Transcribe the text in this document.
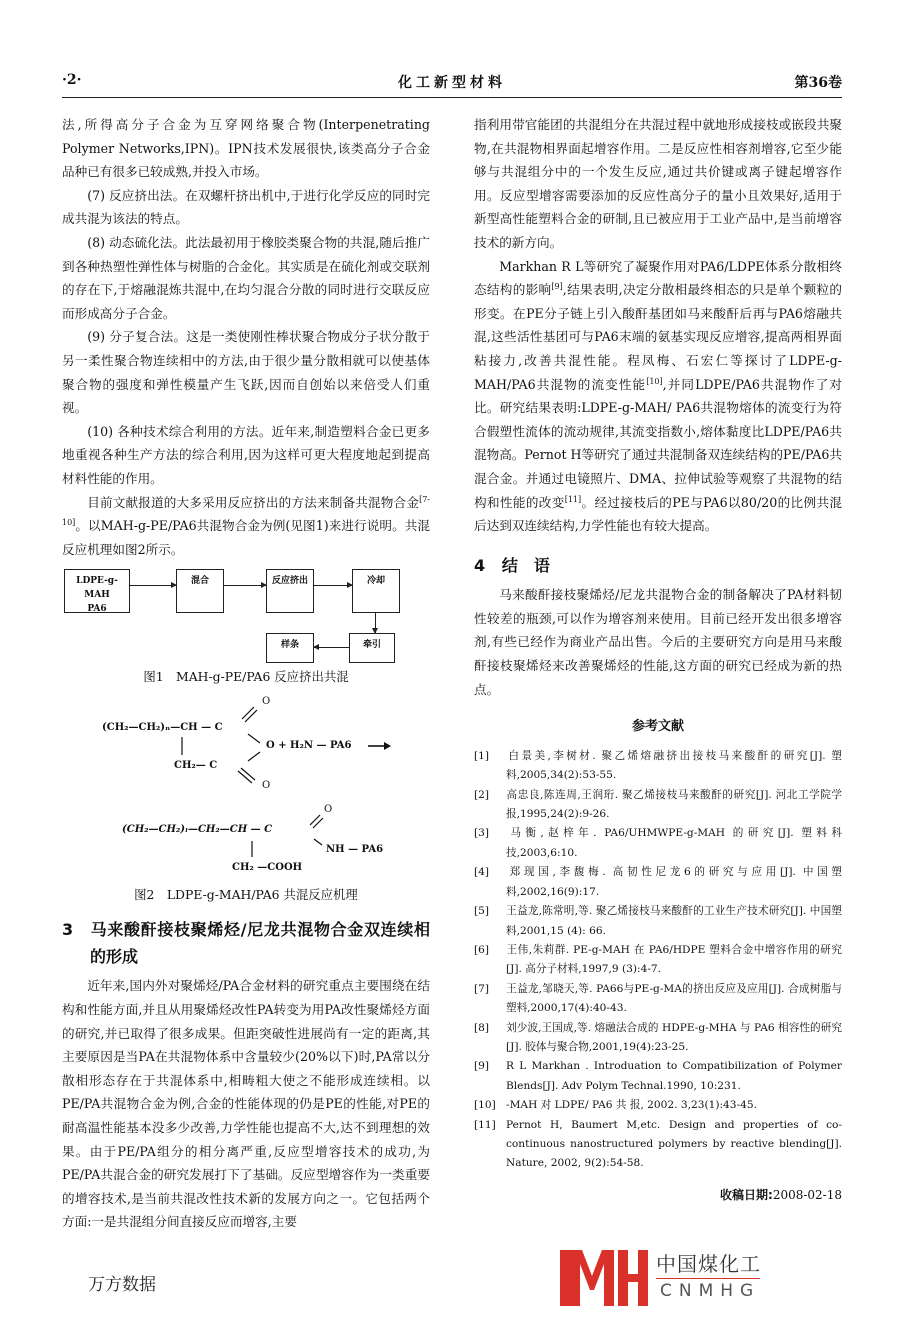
·2·	化工新型材料	第36卷

法,所得高分子合金为互穿网络聚合物(Interpenetrating Polymer Networks,IPN)。IPN技术发展很快,该类高分子合金品种已有很多已较成熟,并投入市场。

(7) 反应挤出法。在双螺杆挤出机中,于进行化学反应的同时完成共混为该法的特点。

(8) 动态硫化法。此法最初用于橡胶类聚合物的共混,随后推广到各种热塑性弹性体与树脂的合金化。其实质是在硫化剂或交联剂的存在下,于熔融混炼共混中,在均匀混合分散的同时进行交联反应而形成高分子合金。

(9) 分子复合法。这是一类使刚性棒状聚合物成分子状分散于另一柔性聚合物连续相中的方法,由于很少量分散相就可以使基体聚合物的强度和弹性模量产生飞跃,因而自创始以来倍受人们重视。

(10) 各种技术综合利用的方法。近年来,制造塑料合金已更多地重视各种生产方法的综合利用,因为这样可更大程度地起到提高材料性能的作用。

目前文献报道的大多采用反应挤出的方法来制备共混物合金[7-10]。以MAH-g-PE/PA6共混物合金为例(见图1)来进行说明。共混反应机理如图2所示。

LDPE-g-MAH
PA6
混合	反应挤出	冷却
牵引
样条
图1　MAH-g-PE/PA6 反应挤出共混
O
(CH₂—CH₂)ₙ—CH — C
O + H₂N — PA6
CH₂— C
O
O
(CH₂—CH₂)ₗ—CH₂—CH — C
NH — PA6
CH₂ —COOH
图2　LDPE-g-MAH/PA6 共混反应机理
3 马来酸酐接枝聚烯烃/尼龙共混物合金双连续相的形成

近年来,国内外对聚烯烃/PA合金材料的研究重点主要围绕在结构和性能方面,并且从用聚烯烃改性PA转变为用PA改性聚烯烃方面的研究,并已取得了很多成果。但距突破性进展尚有一定的距离,其主要原因是当PA在共混物体系中含量较少(20%以下)时,PA常以分散相形态存在于共混体系中,相畴粗大使之不能形成连续相。以PE/PA共混物合金为例,合金的性能体现的仍是PE的性能,对PE的耐高温性能基本没多少改善,力学性能也提高不大,达不到理想的效果。由于PE/PA组分的相分离严重,反应型增容技术的成功,为PE/PA共混合金的研究发展打下了基础。反应型增容作为一类重要的增容技术,是当前共混改性技术新的发展方向之一。它包括两个方面:一是共混组分间直接反应而增容,主要

指利用带官能团的共混组分在共混过程中就地形成接枝或嵌段共聚物,在共混物相界面起增容作用。二是反应性相容剂增容,它至少能够与共混组分中的一个发生反应,通过共价键或离子键起增容作用。反应型增容需要添加的反应性高分子的量小且效果好,适用于新型高性能塑料合金的研制,且已被应用于工业产品中,是当前增容技术的新方向。

Markhan R L等研究了凝聚作用对PA6/LDPE体系分散相终态结构的影响[9],结果表明,决定分散相最终相态的只是单个颗粒的形变。在PE分子链上引入酸酐基团如马来酸酐后再与PA6熔融共混,这些活性基团可与PA6末端的氨基实现反应增容,提高两相界面粘接力,改善共混性能。程凤梅、石宏仁等探讨了LDPE-g-MAH/PA6共混物的流变性能[10],并同LDPE/PA6共混物作了对比。研究结果表明:LDPE-g-MAH/ PA6共混物熔体的流变行为符合假塑性流体的流动规律,其流变指数小,熔体黏度比LDPE/PA6共混物高。Pernot H等研究了通过共混制备双连续结构的PE/PA6共混合金。并通过电镜照片、DMA、拉伸试验等观察了共混物的结构和性能的改变[11]。经过接枝后的PE与PA6以80/20的比例共混后达到双连续结构,力学性能也有较大提高。

4 结　语

马来酸酐接枝聚烯烃/尼龙共混物合金的制备解决了PA材料韧性较差的瓶颈,可以作为增容剂来使用。目前已经开发出很多增容剂,有些已经作为商业产品出售。今后的主要研究方向是用马来酸酐接枝聚烯烃来改善聚烯烃的性能,这方面的研究已经成为新的热点。

参考文献

[1] 白景美,李树材. 聚乙烯熔融挤出接枝马来酸酐的研究[J]. 塑料,2005,34(2):53-55.

[2] 高忠良,陈连周,王润珩. 聚乙烯接枝马来酸酐的研究[J]. 河北工学院学报,1995,24(2):9-26.

[3] 马衡,赵梓年. PA6/UHMWPE-g-MAH 的研究[J]. 塑料科技,2003,6:10.

[4] 郑现国,李馥梅. 高韧性尼龙6的研究与应用[J]. 中国塑料,2002,16(9):17.

[5] 王益龙,陈常明,等. 聚乙烯接枝马来酸酐的工业生产技术研究[J]. 中国塑料,2001,15 (4): 66.

[6] 王伟,朱莉群. PE-g-MAH 在 PA6/HDPE 塑料合金中增容作用的研究[J]. 高分子材料,1997,9 (3):4-7.

[7] 王益龙,邹晓天,等. PA66与PE-g-MA的挤出反应及应用[J]. 合成树脂与塑料,2000,17(4):40-43.

[8] 刘少波,王国成,等. 熔融法合成的 HDPE-g-MHA 与 PA6 相容性的研究[J]. 胶体与聚合物,2001,19(4):23-25.

[9] R L Markhan . Introduation to Compatibilization of Polymer Blends[J]. Adv Polym Technal.1990, 10:231.

[10] -MAH 对 LDPE/ PA6 共 报, 2002. 3,23(1):43-45.

[11] Pernot H, Baumert M,etc. Design and properties of co-continuous nanostructured polymers by reactive blending[J]. Nature, 2002, 9(2):54-58.

收稿日期:2008-02-18
中国煤化工
CNMHG
万方数据
